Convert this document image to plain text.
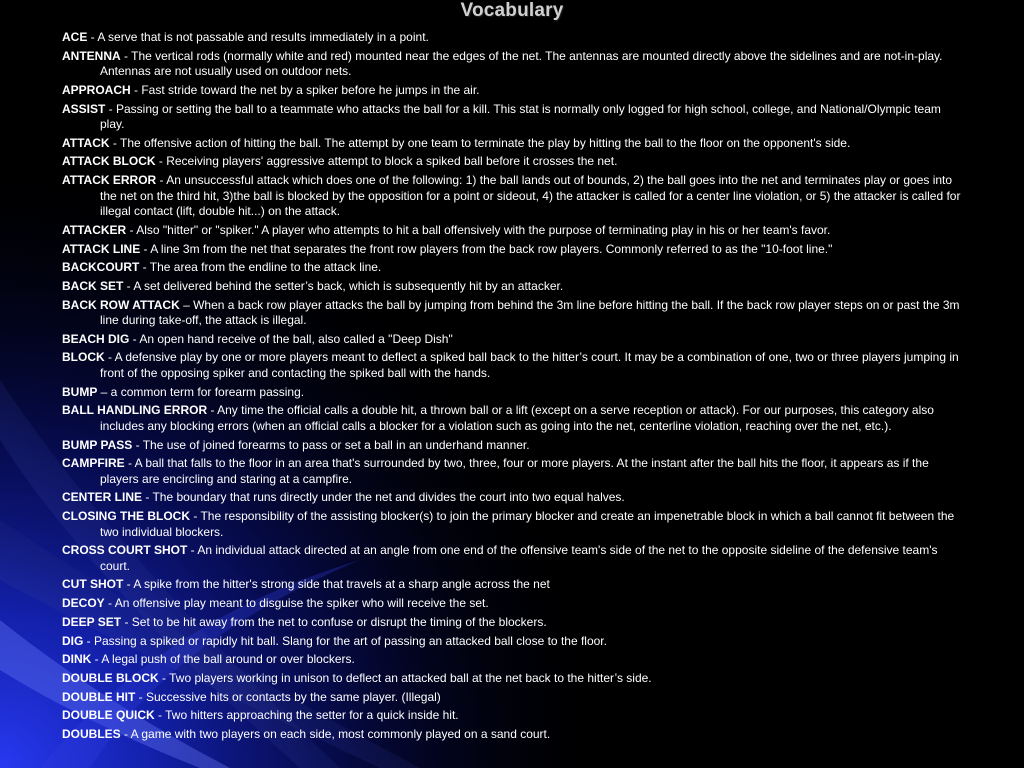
Vocabulary
ACE - A serve that is not passable and results immediately in a point.
ANTENNA - The vertical rods (normally white and red) mounted near the edges of the net. The antennas are mounted directly above the sidelines and are not-in-play. Antennas are not usually used on outdoor nets.
APPROACH - Fast stride toward the net by a spiker before he jumps in the air.
ASSIST - Passing or setting the ball to a teammate who attacks the ball for a kill. This stat is normally only logged for high school, college, and National/Olympic team play.
ATTACK - The offensive action of hitting the ball. The attempt by one team to terminate the play by hitting the ball to the floor on the opponent's side.
ATTACK BLOCK - Receiving players' aggressive attempt to block a spiked ball before it crosses the net.
ATTACK ERROR - An unsuccessful attack which does one of the following: 1) the ball lands out of bounds, 2) the ball goes into the net and terminates play or goes into the net on the third hit, 3)the ball is blocked by the opposition for a point or sideout, 4) the attacker is called for a center line violation, or 5) the attacker is called for illegal contact (lift, double hit...) on the attack.
ATTACKER - Also "hitter" or "spiker." A player who attempts to hit a ball offensively with the purpose of terminating play in his or her team's favor.
ATTACK LINE - A line 3m from the net that separates the front row players from the back row players. Commonly referred to as the "10-foot line."
BACKCOURT - The area from the endline to the attack line.
BACK SET - A set delivered behind the setter’s back, which is subsequently hit by an attacker.
BACK ROW ATTACK – When a back row player attacks the ball by jumping from behind the 3m line before hitting the ball. If the back row player steps on or past the 3m line during take-off, the attack is illegal.
BEACH DIG - An open hand receive of the ball, also called a "Deep Dish"
BLOCK - A defensive play by one or more players meant to deflect a spiked ball back to the hitter’s court. It may be a combination of one, two or three players jumping in front of the opposing spiker and contacting the spiked ball with the hands.
BUMP – a common term for forearm passing.
BALL HANDLING ERROR - Any time the official calls a double hit, a thrown ball or a lift (except on a serve reception or attack). For our purposes, this category also includes any blocking errors (when an official calls a blocker for a violation such as going into the net, centerline violation, reaching over the net, etc.).
BUMP PASS - The use of joined forearms to pass or set a ball in an underhand manner.
CAMPFIRE - A ball that falls to the floor in an area that's surrounded by two, three, four or more players. At the instant after the ball hits the floor, it appears as if the players are encircling and staring at a campfire.
CENTER LINE - The boundary that runs directly under the net and divides the court into two equal halves.
CLOSING THE BLOCK - The responsibility of the assisting blocker(s) to join the primary blocker and create an impenetrable block in which a ball cannot fit between the two individual blockers.
CROSS COURT SHOT - An individual attack directed at an angle from one end of the offensive team's side of the net to the opposite sideline of the defensive team's court.
CUT SHOT - A spike from the hitter's strong side that travels at a sharp angle across the net
DECOY - An offensive play meant to disguise the spiker who will receive the set.
DEEP SET - Set to be hit away from the net to confuse or disrupt the timing of the blockers.
DIG - Passing a spiked or rapidly hit ball. Slang for the art of passing an attacked ball close to the floor.
DINK - A legal push of the ball around or over blockers.
DOUBLE BLOCK - Two players working in unison to deflect an attacked ball at the net back to the hitter’s side.
DOUBLE HIT - Successive hits or contacts by the same player. (Illegal)
DOUBLE QUICK - Two hitters approaching the setter for a quick inside hit.
DOUBLES - A game with two players on each side, most commonly played on a sand court.
